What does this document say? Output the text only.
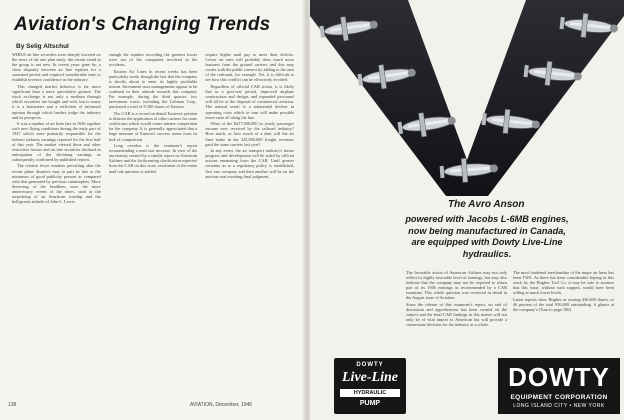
Aviation's Changing Trends
By Selig Altschul

WHILE air line securities were sharply lowered on the news of the rate plan study, this erratic trend in the group is not new. In recent years gone by, a close disparity between air line equities for a sustained period and required considerable time to establish investor confidence in the industry.

This changed market behavior is far more significant than a mere speculative gesture. The stock exchange is not only a medium through which securities are bought and sold, but to many it is a barometer and a reflection of informed opinion through which leaders judge the industry and its prospects.

It was a number of air lines late in 1946 together with new flying conditions during the early part of 1947 which were primarily responsible for the inferior industry earnings reported for the first half of this year. The market viewed these and other restrictive factors and air line securities declined in anticipation of the declining earnings as subsequently confirmed by published reports.

The relative fewer markets prevailing after the recent plane disasters may in part be due to the minimum of good publicity present as compared with that generated by previous catastrophes. More deserving of the headlines were the more unnecessary events of the times, such as the torpedoing of an American warship and the belligerent attitude of John L. Lewis.

enough the equities recording the greatest losses were not of the companies involved in the accidents.

Eastern Air Lines in recent weeks has been particularly weak, though the fact that the company is shortly about to enter its highly profitable season. Investment trust managements appear to be confused in their attitude towards this company. For example, during the third quarter, two investment trusts, including the Lehman Corp., purchased a total of 8,300 shares of Eastern.

The CAB is a record on denial Eastern's petition to dismiss the application of other carriers for route certificates which would create intense competition for the company. It is generally appreciated that a large measure of Eastern's success stems from its lack of competition.

Long overdue is the examiner's report recommending a mail rate increase. In view of the uncertainty created by a similar report on American Airlines and the forthcoming clarification expected from the CAB on this issue, resolution of the entire mail rate question is settled.

require higher mail pay to meet their deficits. Lower air rates will probably draw much more business from the ground carriers and this may confer with the public interest by adding to the area of the railroads, for example. Yet, it is difficult to see how this conflict can be effectively avoided.

Regardless of official CAB action, it is likely that in a post-war period, improved airplane construction and design, and expanded personnel will all be at the disposal of commercial aviation. The natural result is a substantial decline in operating costs which in turn will make possible lower rates all along the line.

What of the $417,000,000 in yearly passenger income now received by the railroad industry? How much, or how much of a dent will the air lines make in the 325,000,000 freight revenues paid the same carriers last year?

In any event, the air transport industry's future progress and development will be aided by official actions emanating from the CAB. Until greater certainty as to a regulatory policy is established, first one company and then another will be on the anxious seat awaiting final judgment.

138	AVIATION, December, 1946
The Avro Anson

powered with Jacobs L-6MB engines, now being manufactured in Canada, are equipped with Dowty Live-Line hydraulics.

The favorable action of American Airlines may not only reflect its highly favorable level of earnings, but may also indicate that the company may not be required to return part of its 1946 earnings as recommended by a CAB examiner. This whole question was reviewed in detail in the August issue of Aviation.

Since the release of this examiner's report, no end of discussion and apprehension has been created on the subject and the final CAB findings in this matter will not only be of vital import to American but will provide a cornerstone decision for the industry as a whole.

The most hardened merchandise of the major air lines has been TWA. As there has been considerable buying in this stock by the Hughes Tool Co. it may be safe to surmise that this issue, without such support, would have been selling at much lower levels.

Latest reports show Hughes as owning 436,600 shares, or 46 percent of the total 950,000 outstanding. A glance at the company's (Turn to page 186)

DOWTY
Live-Line
HYDRAULIC
PUMP
DOWTY
EQUIPMENT CORPORATION
LONG ISLAND CITY • NEW YORK
